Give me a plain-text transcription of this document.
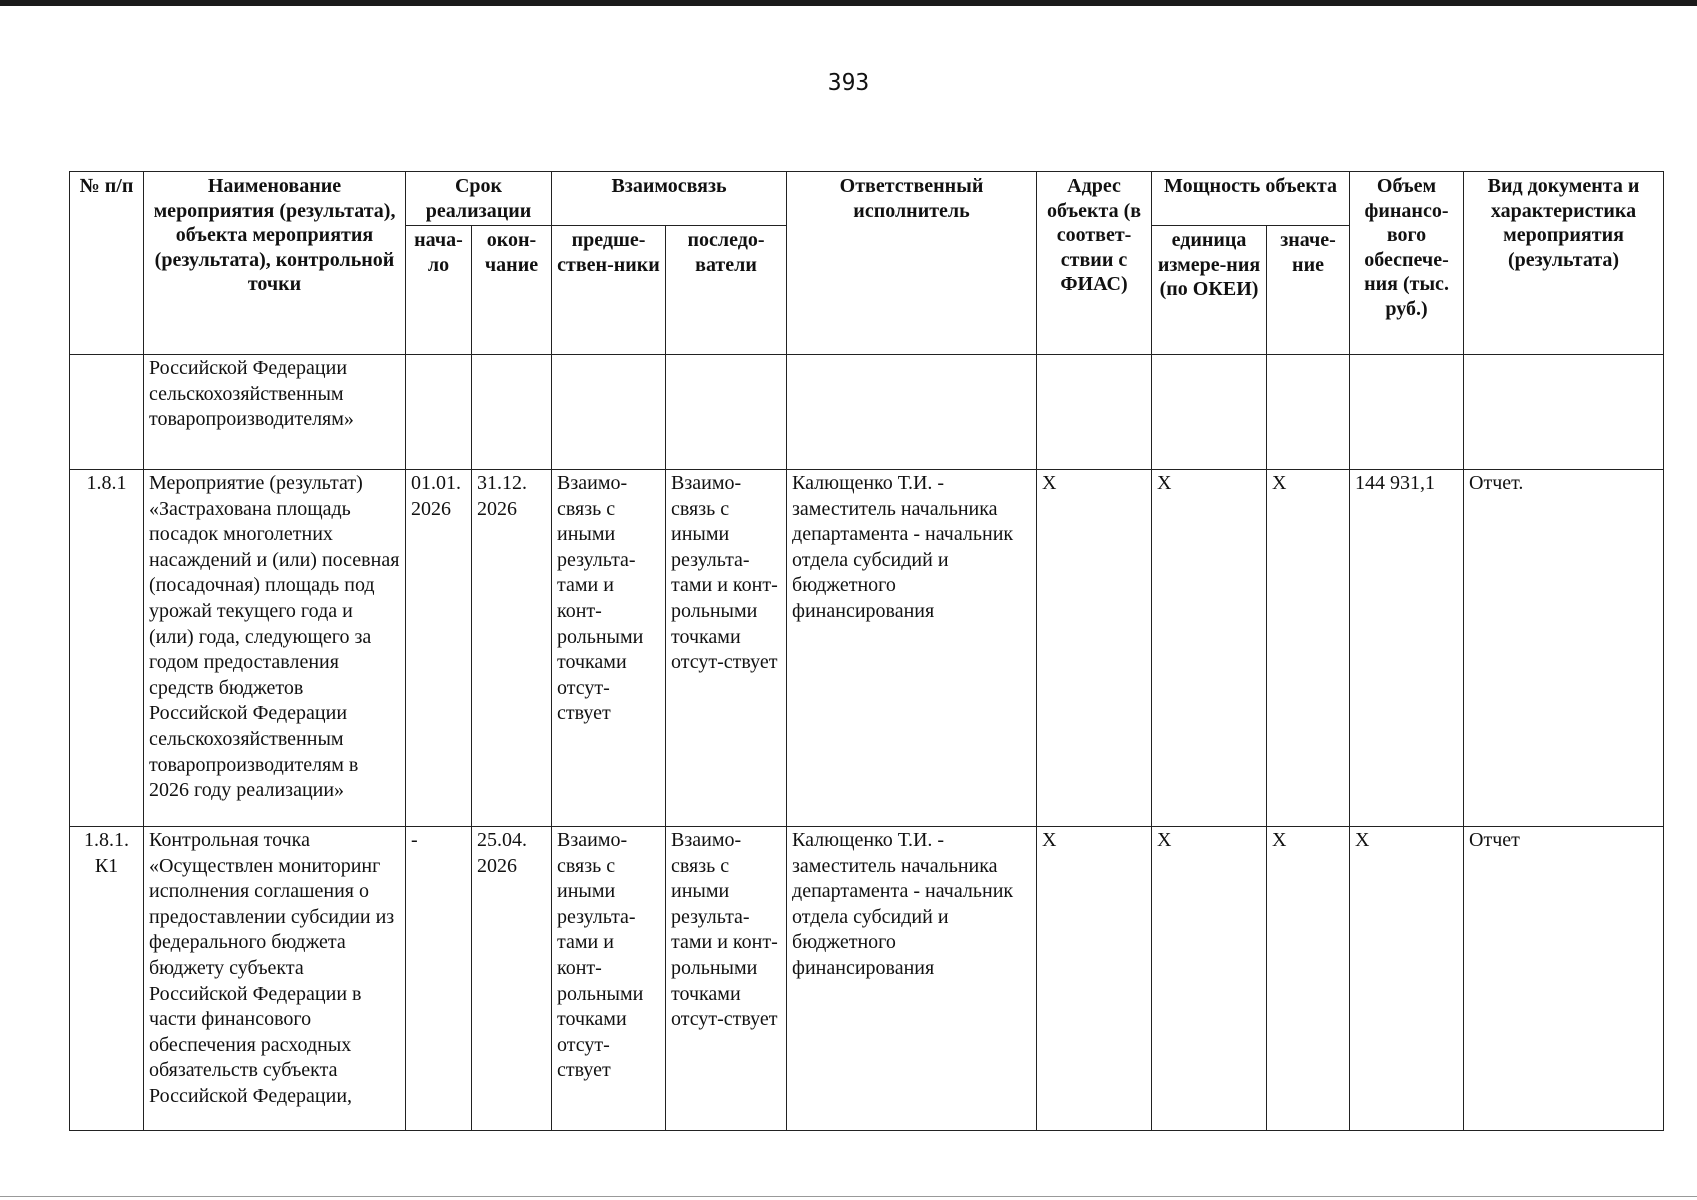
393
№ п/п	Наименование мероприятия (результата), объекта мероприятия (результата), контрольной точки	Срок реализации		Взаимосвязь		Ответственный исполнитель	Адрес объекта (в соответ-ствии с ФИАС)	Мощность объекта		Объем финансо-вого обеспече-ния (тыс. руб.)	Вид документа и характеристика мероприятия (результата)
		нача-ло	окон-чание	предше-ствен-ники	последо-ватели			единица измере-ния (по ОКЕИ)	значе-ние		
	Российской Федерации сельскохозяйственным товаропроизводителям»										
1.8.1	Мероприятие (результат) «Застрахована площадь посадок многолетних насаждений и (или) посевная (посадочная) площадь под урожай текущего года и (или) года, следующего за годом предоставления средств бюджетов Российской Федерации сельскохозяйственным товаропроизводителям в 2026 году реализации»	01.01. 2026	31.12. 2026	Взаимо-связь с иными результа-тами и конт-рольными точками отсут-ствует	Взаимо-связь с иными результа-тами и конт-рольными точками отсут-ствует	Калющенко Т.И. - заместитель начальника департамента - начальник отдела субсидий и бюджетного финансирования	X	X	X	144 931,1	Отчет.
1.8.1. К1	Контрольная точка «Осуществлен мониторинг исполнения соглашения о предоставлении субсидии из федерального бюджета бюджету субъекта Российской Федерации в части финансового обеспечения расходных обязательств субъекта Российской Федерации,	-	25.04. 2026	Взаимо-связь с иными результа-тами и конт-рольными точками отсут-ствует	Взаимо-связь с иными результа-тами и конт-рольными точками отсут-ствует	Калющенко Т.И. - заместитель начальника департамента - начальник отдела субсидий и бюджетного финансирования	X	X	X	X	Отчет
